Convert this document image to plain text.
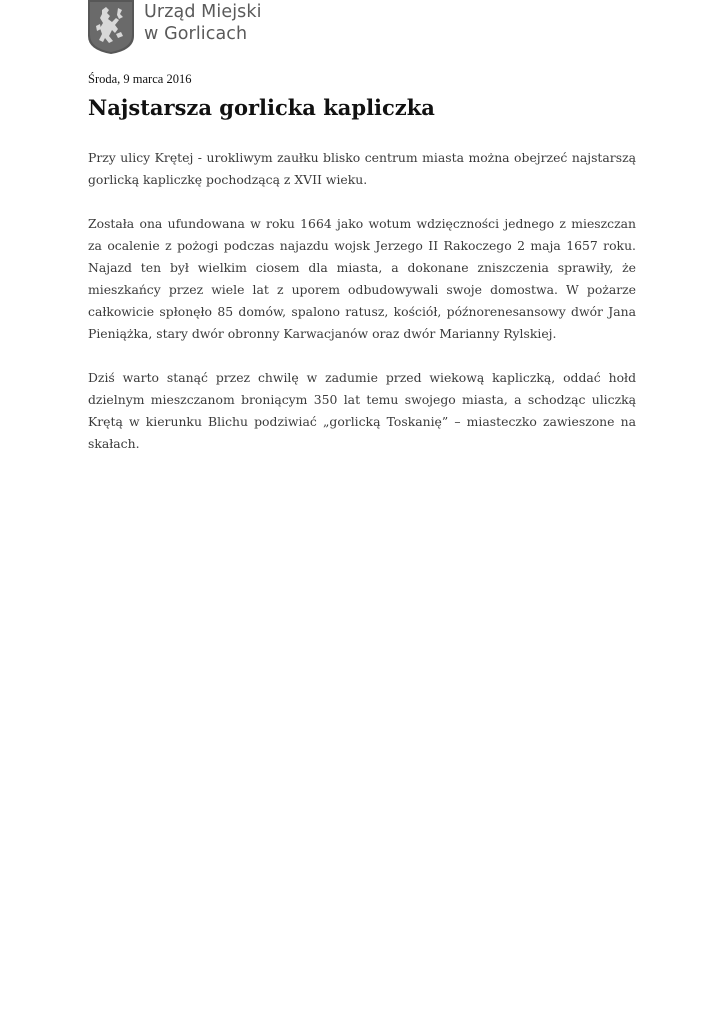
Urząd Miejski
w Gorlicach
Środa, 9 marca 2016
Najstarsza gorlicka kapliczka

Przy ulicy Krętej - urokliwym zaułku blisko centrum miasta można obejrzeć najstarszą gorlicką kapliczkę pochodzącą z XVII wieku.

Została ona ufundowana w roku 1664 jako wotum wdzięczności jednego z mieszczan za ocalenie z pożogi podczas najazdu wojsk Jerzego II Rakoczego 2 maja 1657 roku. Najazd ten był wielkim ciosem dla miasta, a dokonane zniszczenia sprawiły, że mieszkańcy przez wiele lat z uporem odbudowywali swoje domostwa. W pożarze całkowicie spłonęło 85 domów, spalono ratusz, kościół, późnorenesansowy dwór Jana Pieniążka, stary dwór obronny Karwacjanów oraz dwór Marianny Rylskiej.

Dziś warto stanąć przez chwilę w zadumie przed wiekową kapliczką, oddać hołd dzielnym mieszczanom broniącym 350 lat temu swojego miasta, a schodząc uliczką Krętą w kierunku Blichu podziwiać „gorlicką Toskanię” – miasteczko zawieszone na skałach.
